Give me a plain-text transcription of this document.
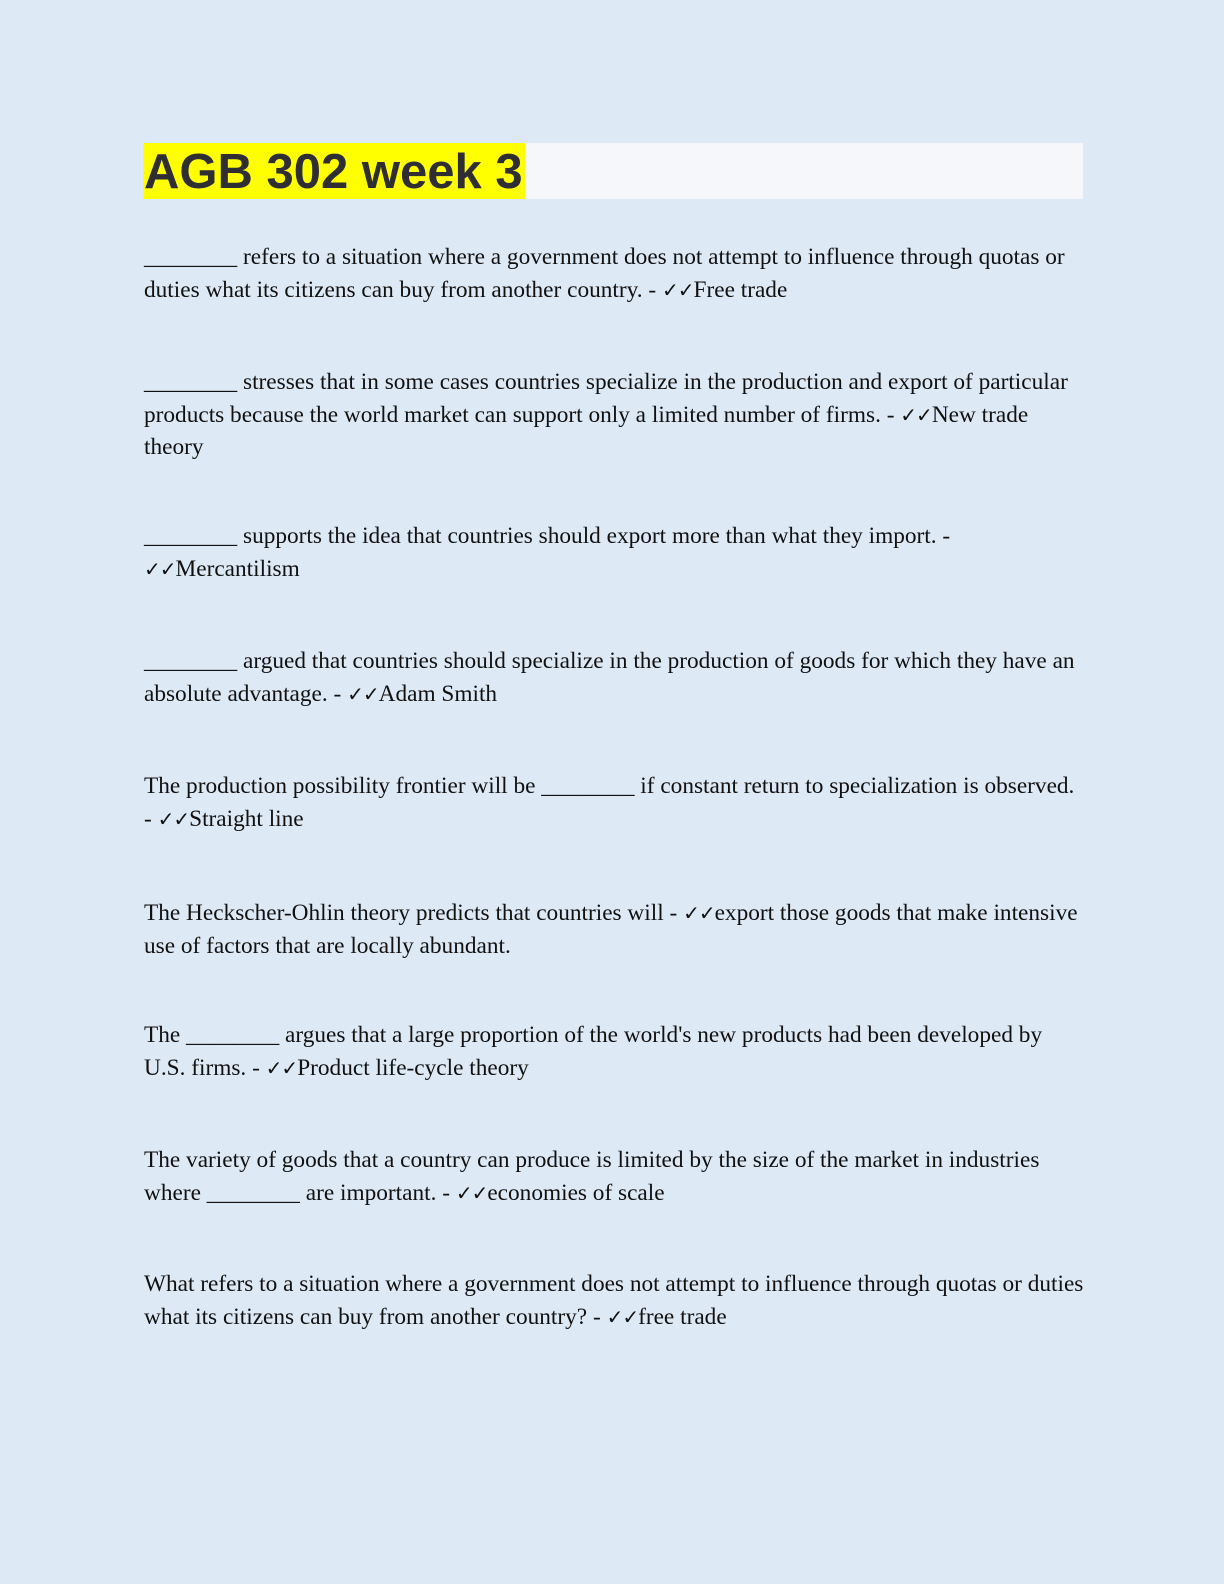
AGB 302 week 3

________ refers to a situation where a government does not attempt to influence through quotas or duties what its citizens can buy from another country. - ✓✓Free trade

________ stresses that in some cases countries specialize in the production and export of particular products because the world market can support only a limited number of firms. - ✓✓New trade theory

________ supports the idea that countries should export more than what they import. - ✓✓Mercantilism

________ argued that countries should specialize in the production of goods for which they have an absolute advantage. - ✓✓Adam Smith

The production possibility frontier will be ________ if constant return to specialization is observed. - ✓✓Straight line

The Heckscher-Ohlin theory predicts that countries will - ✓✓export those goods that make intensive use of factors that are locally abundant.

The ________ argues that a large proportion of the world's new products had been developed by U.S. firms. - ✓✓Product life-cycle theory

The variety of goods that a country can produce is limited by the size of the market in industries where ________ are important. - ✓✓economies of scale

What refers to a situation where a government does not attempt to influence through quotas or duties what its citizens can buy from another country? - ✓✓free trade
